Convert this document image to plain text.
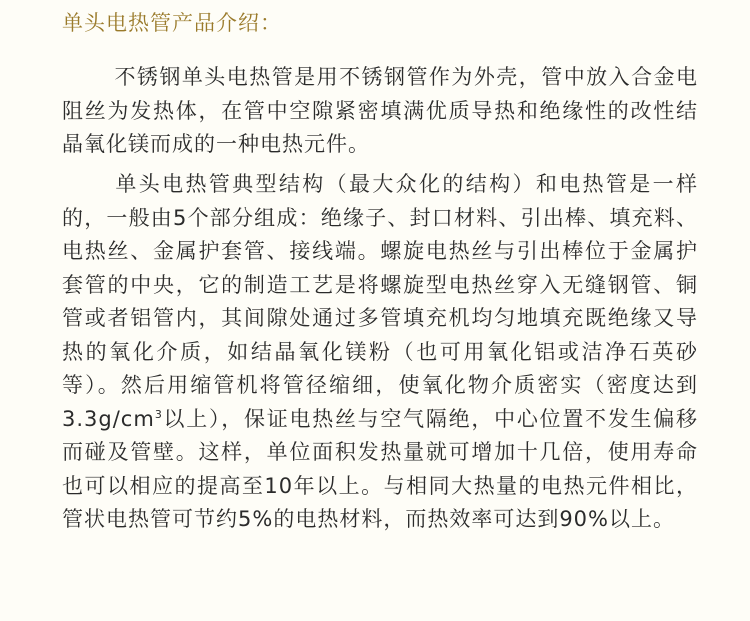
单头电热管产品介绍：

不锈钢单头电热管是用不锈钢管作为外壳，管中放入合金电阻丝为发热体，在管中空隙紧密填满优质导热和绝缘性的改性结晶氧化镁而成的一种电热元件。

单头电热管典型结构（最大众化的结构）和电热管是一样的，一般由5个部分组成：绝缘子、封口材料、引出棒、填充料、电热丝、金属护套管、接线端。螺旋电热丝与引出棒位于金属护套管的中央，它的制造工艺是将螺旋型电热丝穿入无缝钢管、铜管或者铝管内，其间隙处通过多管填充机均匀地填充既绝缘又导热的氧化介质，如结晶氧化镁粉（也可用氧化铝或洁净石英砂等）。然后用缩管机将管径缩细，使氧化物介质密实（密度达到$3.3g/cm^3$以上），保证电热丝与空气隔绝，中心位置不发生偏移而碰及管壁。这样，单位面积发热量就可增加十几倍，使用寿命也可以相应的提高至10年以上。与相同大热量的电热元件相比，管状电热管可节约5%的电热材料，而热效率可达到90%以上。
